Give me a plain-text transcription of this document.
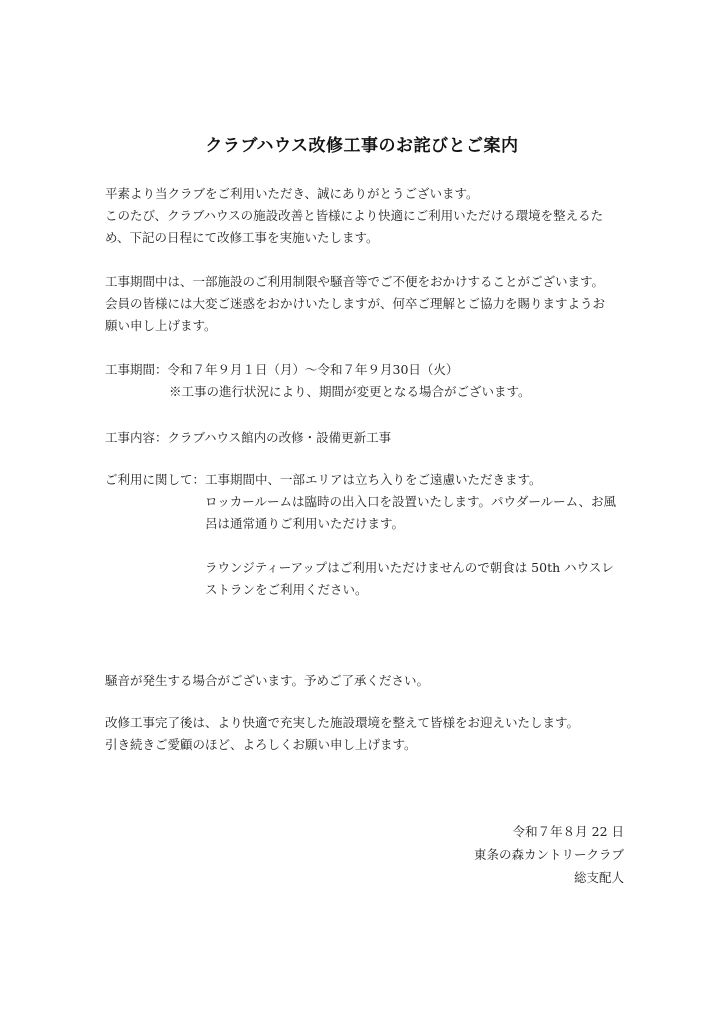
クラブハウス改修工事のお詫びとご案内
平素より当クラブをご利用いただき、誠にありがとうございます。
このたび、クラブハウスの施設改善と皆様により快適にご利用いただける環境を整えるた
め、下記の日程にて改修工事を実施いたします。
工事期間中は、一部施設のご利用制限や騒音等でご不便をおかけすることがございます。
会員の皆様には大変ご迷惑をおかけいたしますが、何卒ご理解とご協力を賜りますようお
願い申し上げます。
工事期間：令和７年９月１日（月）～令和７年９月30日（火）
※工事の進行状況により、期間が変更となる場合がございます。
工事内容：クラブハウス館内の改修・設備更新工事
ご利用に関して：工事期間中、一部エリアは立ち入りをご遠慮いただきます。
ロッカールームは臨時の出入口を設置いたします。パウダールーム、お風
呂は通常通りご利用いただけます。
ラウンジティーアップはご利用いただけませんので朝食は 50th ハウスレ
ストランをご利用ください。
騒音が発生する場合がございます。予めご了承ください。
改修工事完了後は、より快適で充実した施設環境を整えて皆様をお迎えいたします。
引き続きご愛顧のほど、よろしくお願い申し上げます。
令和７年８月 22 日
東条の森カントリークラブ
総支配人
